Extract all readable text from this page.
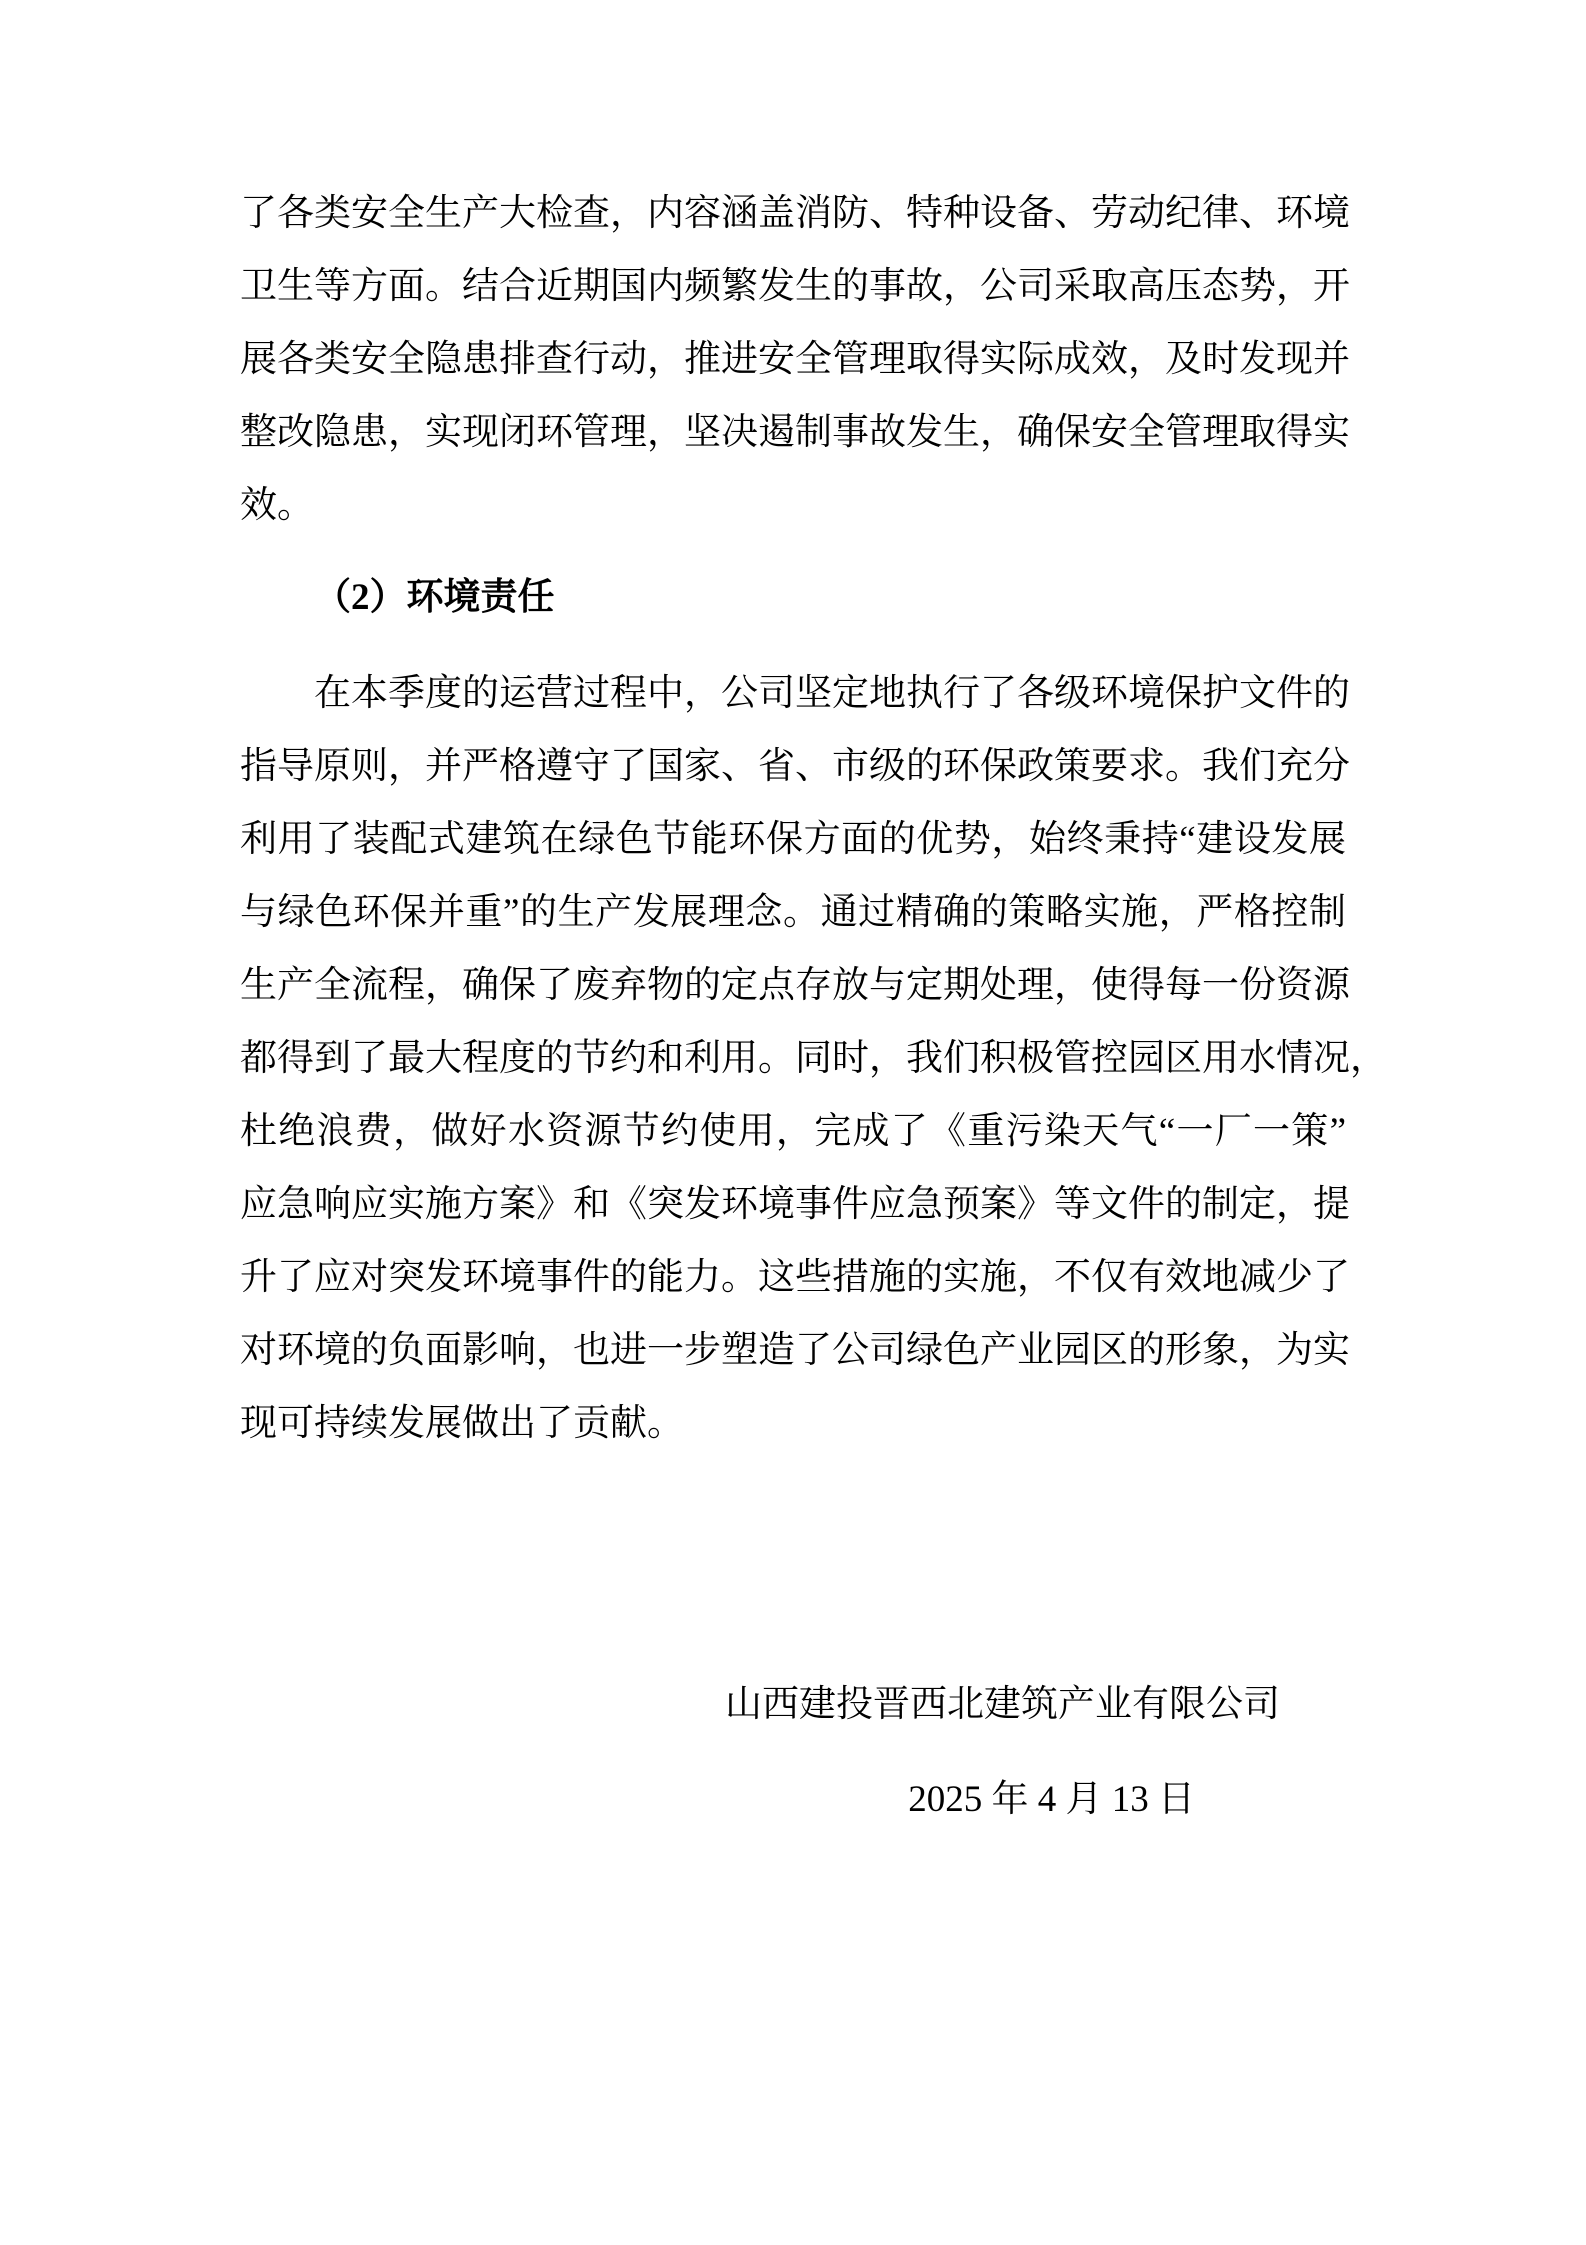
了各类安全生产大检查，内容涵盖消防、特种设备、劳动纪律、环境
卫生等方面。结合近期国内频繁发生的事故，公司采取高压态势，开
展各类安全隐患排查行动，推进安全管理取得实际成效，及时发现并
整改隐患，实现闭环管理，坚决遏制事故发生，确保安全管理取得实
效。
（2）环境责任
在本季度的运营过程中，公司坚定地执行了各级环境保护文件的
指导原则，并严格遵守了国家、省、市级的环保政策要求。我们充分
利用了装配式建筑在绿色节能环保方面的优势，始终秉持“建设发展
与绿色环保并重”的生产发展理念。通过精确的策略实施，严格控制
生产全流程，确保了废弃物的定点存放与定期处理，使得每一份资源
都得到了最大程度的节约和利用。同时，我们积极管控园区用水情况，
杜绝浪费，做好水资源节约使用，完成了《重污染天气“一厂一策”
应急响应实施方案》和《突发环境事件应急预案》等文件的制定，提
升了应对突发环境事件的能力。这些措施的实施，不仅有效地减少了
对环境的负面影响，也进一步塑造了公司绿色产业园区的形象，为实
现可持续发展做出了贡献。
山西建投晋西北建筑产业有限公司
2025 年 4 月 13 日
